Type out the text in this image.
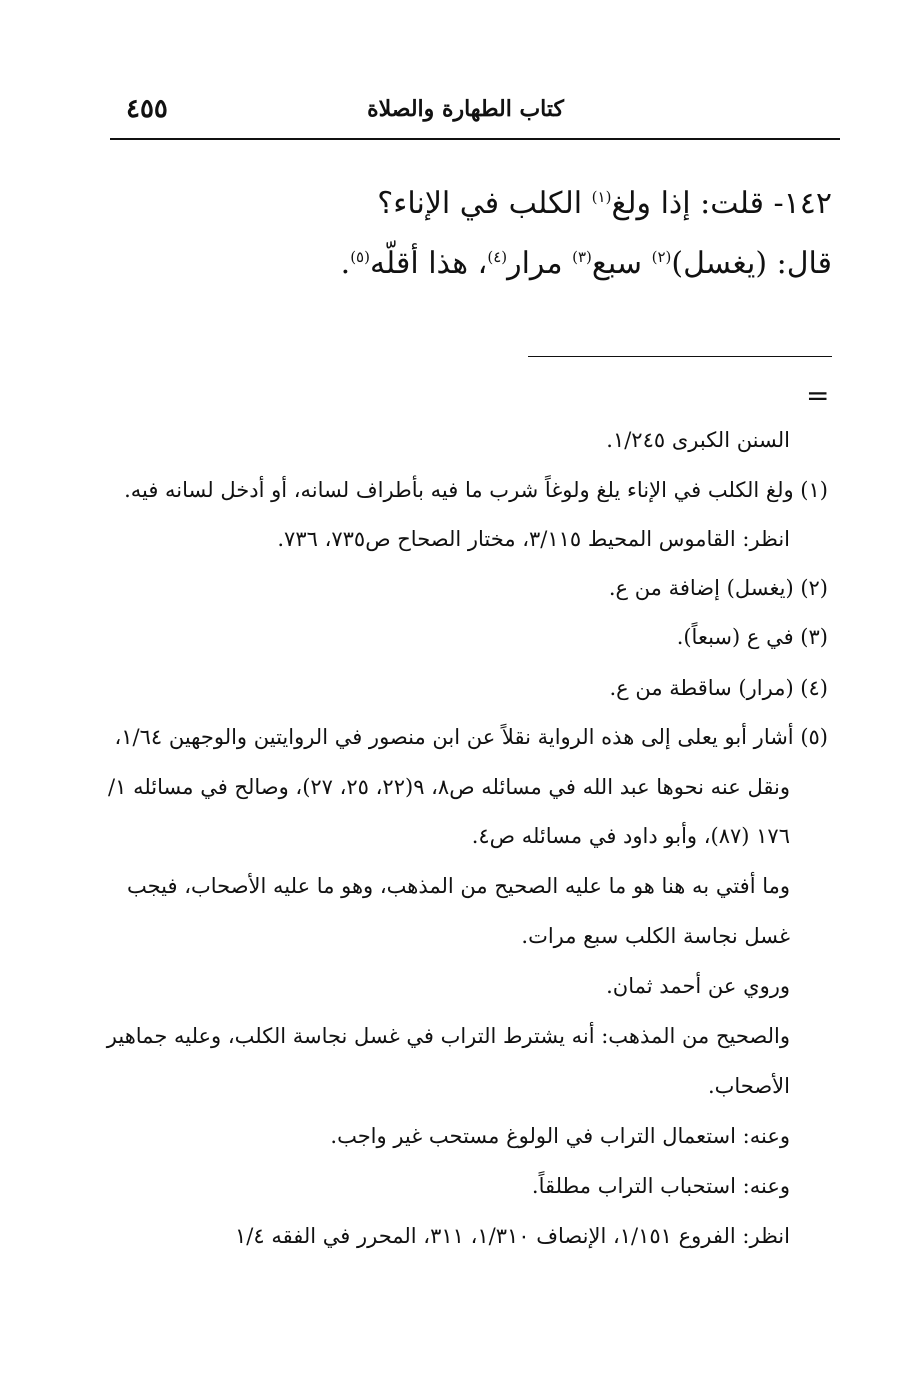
٤٥٥	كتاب الطهارة والصلاة
١٤٢- قلت: إذا ولغ$^{(١)}$ الكلب في الإناء؟
قال: (يغسل)$^{(٢)}$ سبع$^{(٣)}$ مرار$^{(٤)}$، هذا أقلّه$^{(٥)}$.
=
السنن الكبرى ١/٢٤٥.
(١) ولغ الكلب في الإناء يلغ ولوغاً شرب ما فيه بأطراف لسانه، أو أدخل لسانه فيه.
انظر: القاموس المحيط ٣/١١٥، مختار الصحاح ص٧٣٥، ٧٣٦.
(٢) (يغسل) إضافة من ع.
(٣) في ع (سبعاً).
(٤) (مرار) ساقطة من ع.
(٥) أشار أبو يعلى إلى هذه الرواية نقلاً عن ابن منصور في الروايتين والوجهين ١/٦٤،
ونقل عنه نحوها عبد الله في مسائله ص٨، ٩(٢٢، ٢٥، ٢٧)، وصالح في مسائله ١/
١٧٦ (٨٧)، وأبو داود في مسائله ص٤.
وما أفتي به هنا هو ما عليه الصحيح من المذهب، وهو ما عليه الأصحاب، فيجب
غسل نجاسة الكلب سبع مرات.
وروي عن أحمد ثمان.
والصحيح من المذهب: أنه يشترط التراب في غسل نجاسة الكلب، وعليه جماهير
الأصحاب.
وعنه: استعمال التراب في الولوغ مستحب غير واجب.
وعنه: استحباب التراب مطلقاً.
انظر: الفروع ١/١٥١، الإنصاف ١/٣١٠، ٣١١، المحرر في الفقه ١/٤
